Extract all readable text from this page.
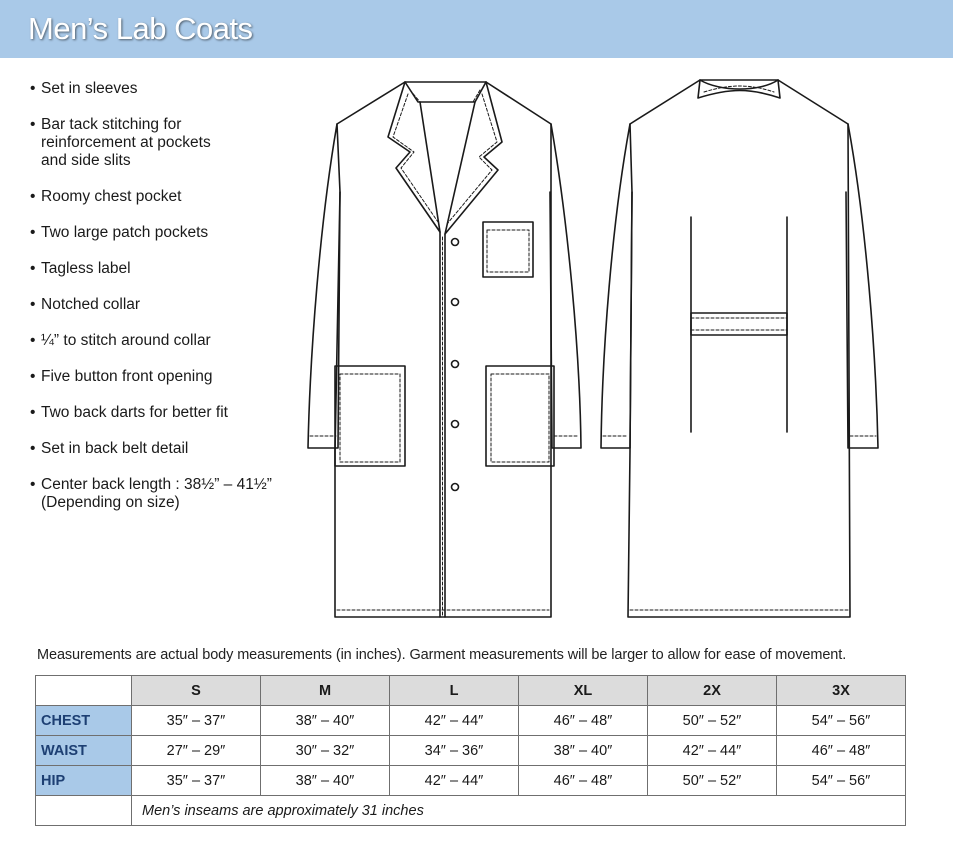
Men’s Lab Coats
• Set in sleeves
• Bar tack stitching for
reinforcement at pockets
and side slits
• Roomy chest pocket
• Two large patch pockets
• Tagless label
• Notched collar
• ¼” to stitch around collar
• Five button front opening
• Two back darts for better fit
• Set in back belt detail
• Center back length : 38½” – 41½”
(Depending on size)
Measurements are actual body measurements (in inches). Garment measurements will be larger to allow for ease of movement.
	S	M	L	XL	2X	3X
CHEST	35″ – 37″	38″ – 40″	42″ – 44″	46″ – 48″	50″ – 52″	54″ – 56″
WAIST	27″ – 29″	30″ – 32″	34″ – 36″	38″ – 40″	42″ – 44″	46″ – 48″
HIP	35″ – 37″	38″ – 40″	42″ – 44″	46″ – 48″	50″ – 52″	54″ – 56″
	Men’s inseams are approximately 31 inches					
